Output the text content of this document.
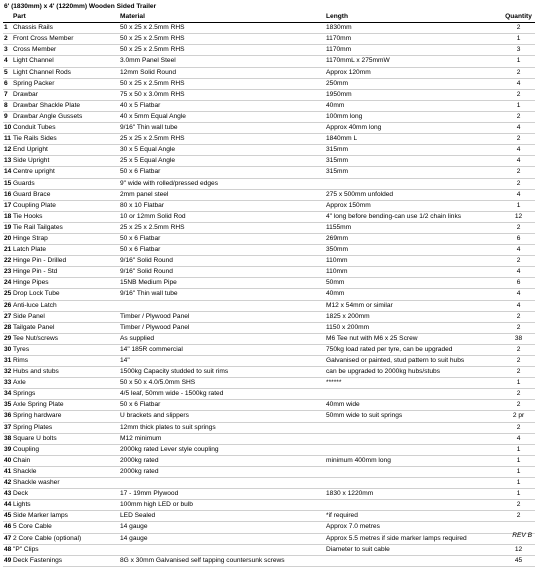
6' (1830mm) x 4' (1220mm) Wooden Sided Trailer				
	Part	Material	Length	Quantity
1	Chassis Rails	50 x 25 x 2.5mm RHS	1830mm	2
2	Front Cross Member	50 x 25 x 2.5mm RHS	1170mm	1
3	Cross Member	50 x 25 x 2.5mm RHS	1170mm	3
4	Light Channel	3.0mm Panel Steel	1170mmL x 275mmW	1
5	Light Channel Rods	12mm Solid Round	Approx 120mm	2
6	Spring Packer	50 x 25 x 2.5mm RHS	250mm	4
7	Drawbar	75 x 50 x 3.0mm RHS	1950mm	2
8	Drawbar Shackle Plate	40 x 5 Flatbar	40mm	1
9	Drawbar Angle Gussets	40 x 5mm Equal Angle	100mm long	2
10	Conduit Tubes	9/16" Thin wall tube	Approx 40mm long	4
11	Tie Rails Sides	25 x 25 x 2.5mm RHS	1840mm L	2
12	End Upright	30 x 5 Equal Angle	315mm	4
13	Side Upright	25 x 5 Equal Angle	315mm	4
14	Centre upright	50 x 6 Flatbar	315mm	2
15	Guards	9" wide with rolled/pressed edges		2
16	Guard Brace	2mm panel steel	275 x 500mm unfolded	4
17	Coupling Plate	80 x 10 Flatbar	Approx 150mm	1
18	Tie Hooks	10 or 12mm Solid Rod	4" long before bending-can use 1/2 chain links	12
19	Tie Rail Tailgates	25 x 25 x 2.5mm RHS	1155mm	2
20	Hinge Strap	50 x 6 Flatbar	269mm	6
21	Latch Plate	50 x 6 Flatbar	350mm	4
22	Hinge Pin - Drilled	9/16" Solid Round	110mm	2
23	Hinge Pin - Std	9/16" Solid Round	110mm	4
24	Hinge Pipes	15NB Medium Pipe	50mm	6
25	Drop Lock Tube	9/16" Thin wall tube	40mm	4
26	Anti-luce Latch		M12 x 54mm or similar	4
27	Side Panel	Timber / Plywood Panel	1825 x 200mm	2
28	Tailgate Panel	Timber / Plywood Panel	1150 x 200mm	2
29	Tee Nut/screws	As supplied	M6 Tee nut with M6 x 25 Screw	38
30	Tyres	14" 185R commercial	750kg load rated per tyre, can be upgraded	2
31	Rims	14"	Galvanised or painted, stud pattern to suit hubs	2
32	Hubs and stubs	1500kg Capacity studded to suit rims	can be upgraded to 2000kg hubs/stubs	2
33	Axle	50 x 50 x 4.0/5.0mm SHS	******	1
34	Springs	4/5 leaf, 50mm wide - 1500kg rated		2
35	Axle Spring Plate	50 x 6 Flatbar	40mm wide	2
36	Spring hardware	U brackets and slippers	50mm wide to suit springs	2 pr
37	Spring Plates	12mm thick plates to suit springs		2
38	Square U bolts	M12 minimum		4
39	Coupling	2000kg rated Lever style coupling		1
40	Chain	2000kg rated	minimum 400mm long	1
41	Shackle	2000kg rated		1
42	Shackle washer			1
43	Deck	17 - 19mm Plywood	1830 x 1220mm	1
44	Lights	100mm high LED or bulb		2
45	Side Marker lamps	LED Sealed	*if required	2
46	5 Core Cable	14 gauge	Approx 7.0 metres	
47	2 Core Cable (optional)	14 gauge	Approx 5.5 metres if side marker lamps required	
48	"P" Clips		Diameter to suit cable	12
49	Deck Fastenings	8G x 30mm Galvanised self tapping countersunk screws		45
REV B
